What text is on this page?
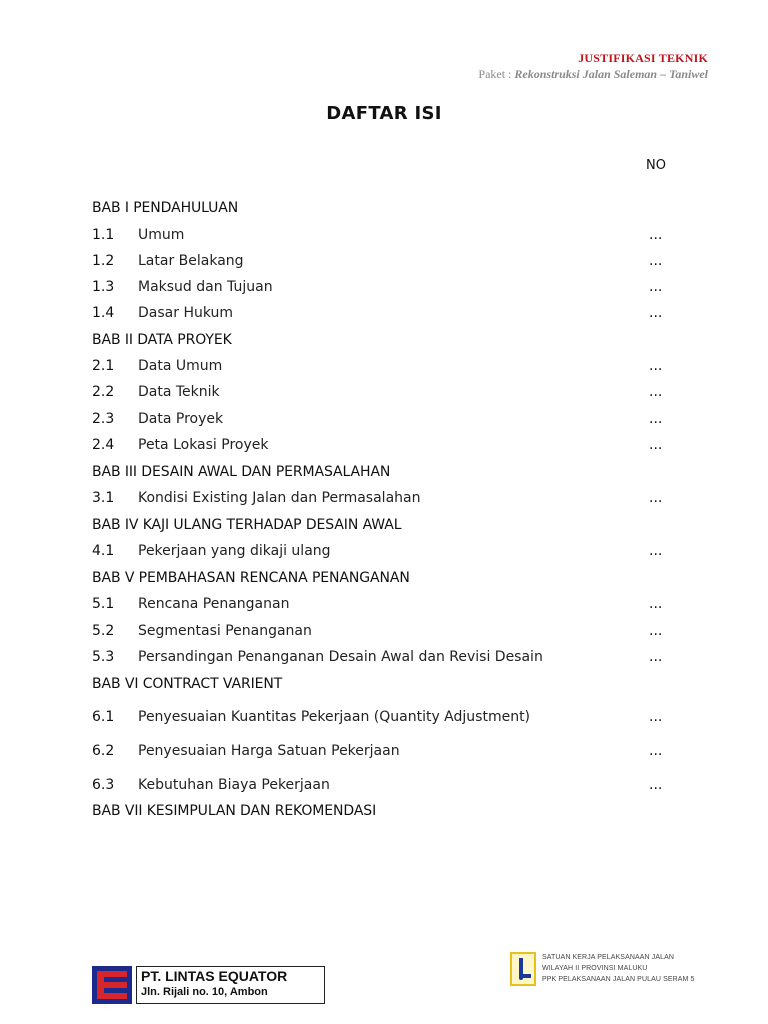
JUSTIFIKASI TEKNIK
Paket : Rekonstruksi Jalan Saleman – Taniwel
DAFTAR ISI
NO
BAB I PENDAHULUAN
1.1 Umum	...
1.2 Latar Belakang	...
1.3 Maksud dan Tujuan	...
1.4 Dasar Hukum	...
BAB II DATA PROYEK
2.1 Data Umum	...
2.2 Data Teknik	...
2.3 Data Proyek	...
2.4 Peta Lokasi Proyek	...
BAB III DESAIN AWAL DAN PERMASALAHAN
3.1 Kondisi Existing Jalan dan Permasalahan	...
BAB IV KAJI ULANG TERHADAP DESAIN AWAL
4.1 Pekerjaan yang dikaji ulang	...
BAB V PEMBAHASAN RENCANA PENANGANAN
5.1 Rencana Penanganan	...
5.2 Segmentasi Penanganan	...
5.3 Persandingan Penanganan Desain Awal dan Revisi Desain	...
BAB VI CONTRACT VARIENT
6.1 Penyesuaian Kuantitas Pekerjaan (Quantity Adjustment)	...
6.2 Penyesuaian Harga Satuan Pekerjaan	...
6.3 Kebutuhan Biaya Pekerjaan	...
BAB VII KESIMPULAN DAN REKOMENDASI
PT. LINTAS EQUATOR
Jln. Rijali no. 10, Ambon
SATUAN KERJA PELAKSANAAN JALAN
WILAYAH II PROVINSI MALUKU
PPK PELAKSANAAN JALAN PULAU SERAM 5
